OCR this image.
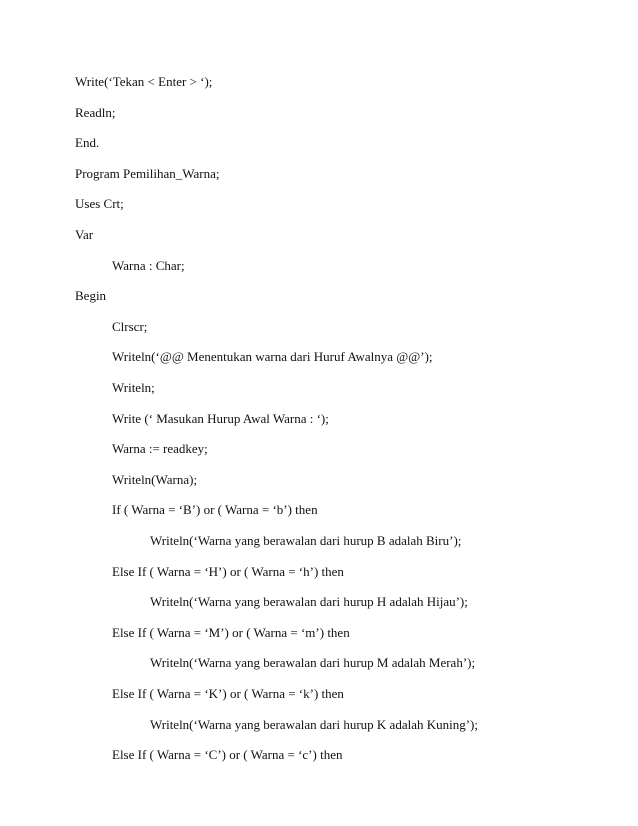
Write(‘Tekan < Enter > ‘);
Readln;
End.
Program Pemilihan_Warna;
Uses Crt;
Var
Warna : Char;
Begin
Clrscr;
Writeln(‘@@ Menentukan warna dari Huruf Awalnya @@’);
Writeln;
Write (‘ Masukan Hurup Awal Warna : ‘);
Warna := readkey;
Writeln(Warna);
If ( Warna = ‘B’) or ( Warna = ‘b’) then
Writeln(‘Warna yang berawalan dari hurup B adalah Biru’);
Else If ( Warna = ‘H’) or ( Warna = ‘h’) then
Writeln(‘Warna yang berawalan dari hurup H adalah Hijau’);
Else If ( Warna = ‘M’) or ( Warna = ‘m’) then
Writeln(‘Warna yang berawalan dari hurup M adalah Merah’);
Else If ( Warna = ‘K’) or ( Warna = ‘k’) then
Writeln(‘Warna yang berawalan dari hurup K adalah Kuning’);
Else If ( Warna = ‘C’) or ( Warna = ‘c’) then
